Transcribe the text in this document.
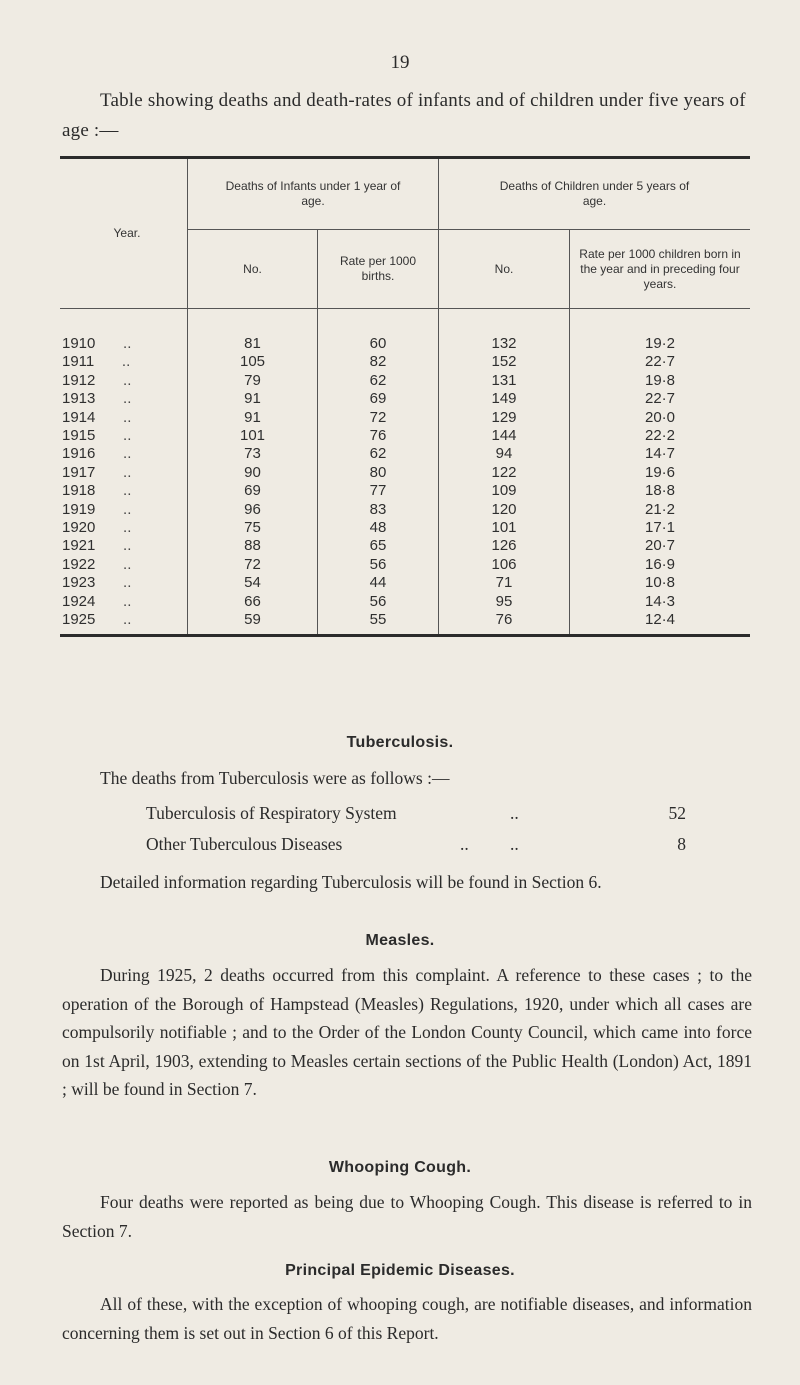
19

Table showing deaths and death-rates of infants and of children under five years of age :—

Year.	Deaths of Infants under 1 year of age.		Deaths of Children under 5 years of age.	

	No.	Rate per 1000 births.	No.	Rate per 1000 children born in the year and in preceding four years.

1910 ..	81	60	132	19·2
1911 ..	105	82	152	22·7
1912 ..	79	62	131	19·8
1913 ..	91	69	149	22·7
1914 ..	91	72	129	20·0
1915 ..	101	76	144	22·2
1916 ..	73	62	94	14·7
1917 ..	90	80	122	19·6
1918 ..	69	77	109	18·8
1919 ..	96	83	120	21·2
1920 ..	75	48	101	17·1
1921 ..	88	65	126	20·7
1922 ..	72	56	106	16·9
1923 ..	54	44	71	10·8
1924 ..	66	56	95	14·3
1925 ..	59	55	76	12·4

Tuberculosis.
The deaths from Tuberculosis were as follows :—
Tuberculosis of Respiratory System	..	52
Other Tuberculous Diseases	.. ..	8

Detailed information regarding Tuberculosis will be found in Section 6.

Measles.

During 1925, 2 deaths occurred from this complaint. A reference to these cases ; to the operation of the Borough of Hampstead (Measles) Regulations, 1920, under which all cases are compulsorily notifiable ; and to the Order of the London County Council, which came into force on 1st April, 1903, extending to Measles certain sections of the Public Health (London) Act, 1891 ; will be found in Section 7.

Whooping Cough.

Four deaths were reported as being due to Whooping Cough. This disease is referred to in Section 7.

Principal Epidemic Diseases.

All of these, with the exception of whooping cough, are notifiable diseases, and information concerning them is set out in Section 6 of this Report.
